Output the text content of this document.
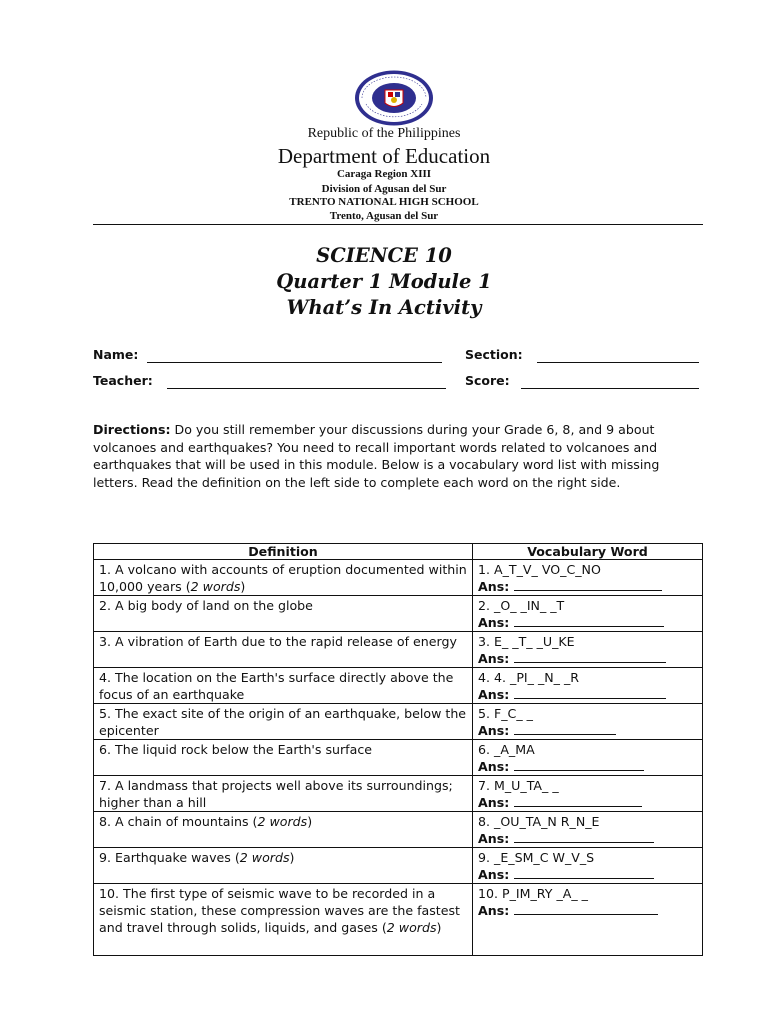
Republic of the Philippines
Department of Education
Caraga Region XIII
Division of Agusan del Sur
TRENTO NATIONAL HIGH SCHOOL
Trento, Agusan del Sur
SCIENCE 10
Quarter 1 Module 1
What’s In Activity
Name:	Section:
Teacher:	Score:
Directions: Do you still remember your discussions during your Grade 6, 8, and 9 about volcanoes and earthquakes? You need to recall important words related to volcanoes and earthquakes that will be used in this module. Below is a vocabulary word list with missing letters. Read the definition on the left side to complete each word on the right side.
Definition	Vocabulary Word
1. A volcano with accounts of eruption documented within 10,000 years (2 words)	1. A_T_V_ VO_C_NO
Ans:

2. A big body of land on the globe	2. _O_ _IN_ _T
Ans:

3. A vibration of Earth due to the rapid release of energy	3. E_ _T_ _U_KE
Ans:

4. The location on the Earth's surface directly above the focus of an earthquake	4. 4. _PI_ _N_ _R
Ans:

5. The exact site of the origin of an earthquake, below the epicenter	5. F_C_ _
Ans:

6. The liquid rock below the Earth's surface	6. _A_MA
Ans:

7. A landmass that projects well above its surroundings; higher than a hill	7. M_U_TA_ _
Ans:

8. A chain of mountains (2 words)	8. _OU_TA_N R_N_E
Ans:

9. Earthquake waves (2 words)	9. _E_SM_C W_V_S
Ans:

10. The first type of seismic wave to be recorded in a seismic station, these compression waves are the fastest and travel through solids, liquids, and gases (2 words)	10. P_IM_RY _A_ _
Ans:
